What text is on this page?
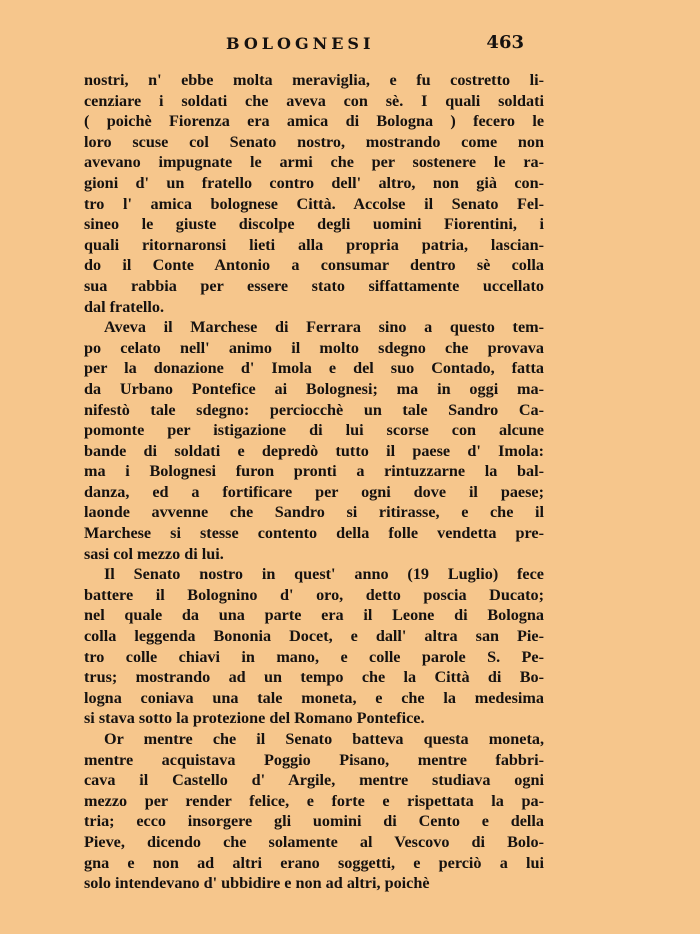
BOLOGNESI	463
nostri, n' ebbe molta meraviglia, e fu costretto li-
cenziare i soldati che aveva con sè. I quali soldati
( poichè Fiorenza era amica di Bologna ) fecero le
loro scuse col Senato nostro, mostrando come non
avevano impugnate le armi che per sostenere le ra-
gioni d' un fratello contro dell' altro, non già con-
tro l' amica bolognese Città. Accolse il Senato Fel-
sineo le giuste discolpe degli uomini Fiorentini, i
quali ritornaronsi lieti alla propria patria, lascian-
do il Conte Antonio a consumar dentro sè colla
sua rabbia per essere stato siffattamente uccellato
dal fratello.
Aveva il Marchese di Ferrara sino a questo tem-
po celato nell' animo il molto sdegno che provava
per la donazione d' Imola e del suo Contado, fatta
da Urbano Pontefice ai Bolognesi; ma in oggi ma-
nifestò tale sdegno: perciocchè un tale Sandro Ca-
pomonte per istigazione di lui scorse con alcune
bande di soldati e depredò tutto il paese d' Imola:
ma i Bolognesi furon pronti a rintuzzarne la bal-
danza, ed a fortificare per ogni dove il paese;
laonde avvenne che Sandro si ritirasse, e che il
Marchese si stesse contento della folle vendetta pre-
sasi col mezzo di lui.
Il Senato nostro in quest' anno (19 Luglio) fece
battere il Bolognino d' oro, detto poscia Ducato;
nel quale da una parte era il Leone di Bologna
colla leggenda Bononia Docet, e dall' altra san Pie-
tro colle chiavi in mano, e colle parole S. Pe-
trus; mostrando ad un tempo che la Città di Bo-
logna coniava una tale moneta, e che la medesima
si stava sotto la protezione del Romano Pontefice.
Or mentre che il Senato batteva questa moneta,
mentre acquistava Poggio Pisano, mentre fabbri-
cava il Castello d' Argile, mentre studiava ogni
mezzo per render felice, e forte e rispettata la pa-
tria; ecco insorgere gli uomini di Cento e della
Pieve, dicendo che solamente al Vescovo di Bolo-
gna e non ad altri erano soggetti, e perciò a lui
solo intendevano d' ubbidire e non ad altri, poichè
